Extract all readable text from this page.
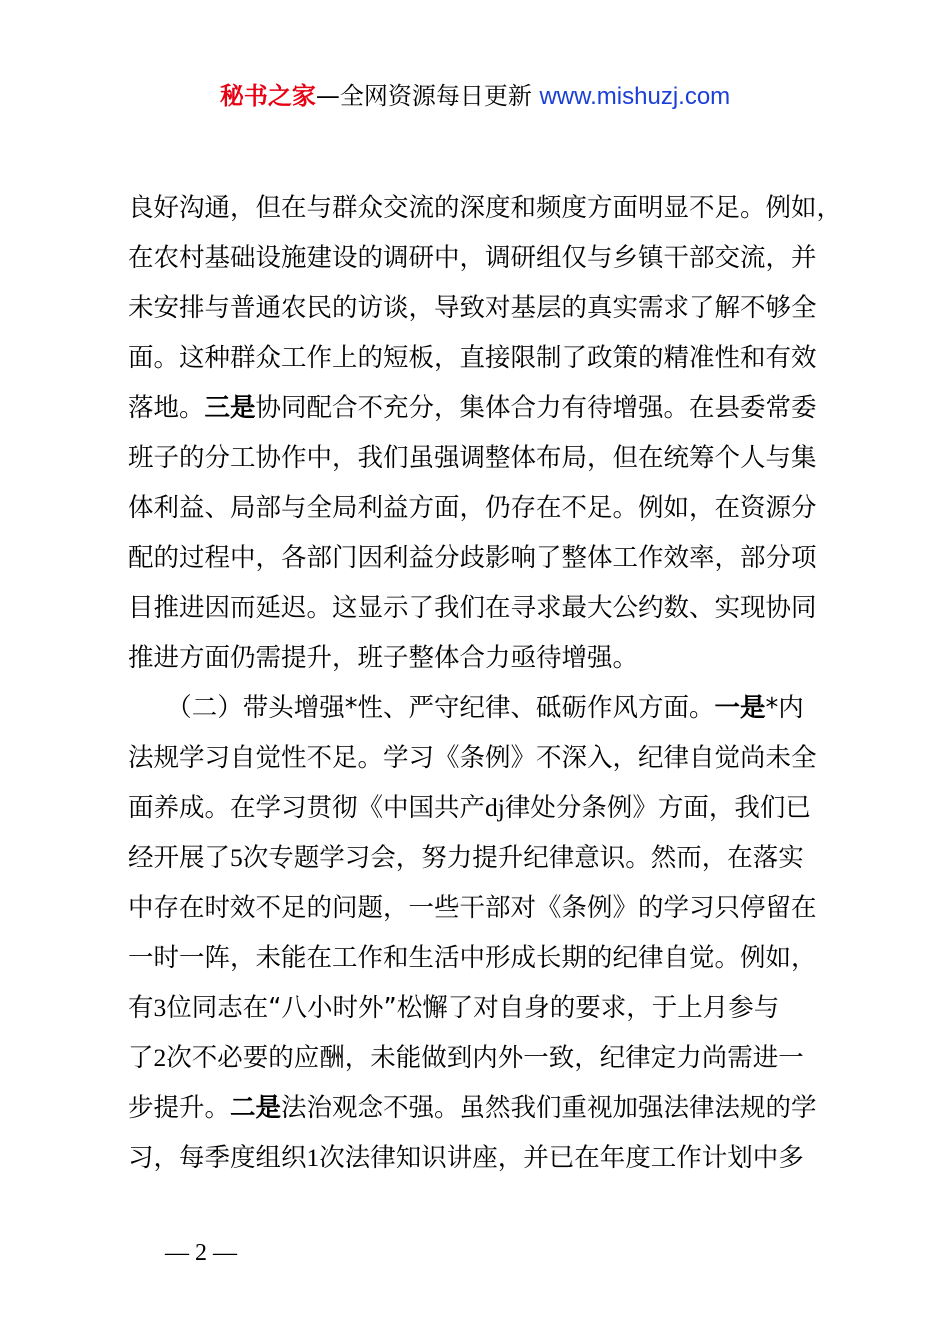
秘书之家—全网资源每日更新 www.mishuzj.com
良好沟通，但在与群众交流的深度和频度方面明显不足。例如，
在农村基础设施建设的调研中，调研组仅与乡镇干部交流，并
未安排与普通农民的访谈，导致对基层的真实需求了解不够全
面。这种群众工作上的短板，直接限制了政策的精准性和有效
落地。三是协同配合不充分，集体合力有待增强。在县委常委
班子的分工协作中，我们虽强调整体布局，但在统筹个人与集
体利益、局部与全局利益方面，仍存在不足。例如，在资源分
配的过程中，各部门因利益分歧影响了整体工作效率，部分项
目推进因而延迟。这显示了我们在寻求最大公约数、实现协同
推进方面仍需提升，班子整体合力亟待增强。
　　（二）带头增强*性、严守纪律、砥砺作风方面。一是*内
法规学习自觉性不足。学习《条例》不深入，纪律自觉尚未全
面养成。在学习贯彻《中国共产dj律处分条例》方面，我们已
经开展了5次专题学习会，努力提升纪律意识。然而，在落实
中存在时效不足的问题，一些干部对《条例》的学习只停留在
一时一阵，未能在工作和生活中形成长期的纪律自觉。例如，
有3位同志在“八小时外”松懈了对自身的要求，于上月参与
了2次不必要的应酬，未能做到内外一致，纪律定力尚需进一
步提升。二是法治观念不强。虽然我们重视加强法律法规的学
习，每季度组织1次法律知识讲座，并已在年度工作计划中多
— 2 —
